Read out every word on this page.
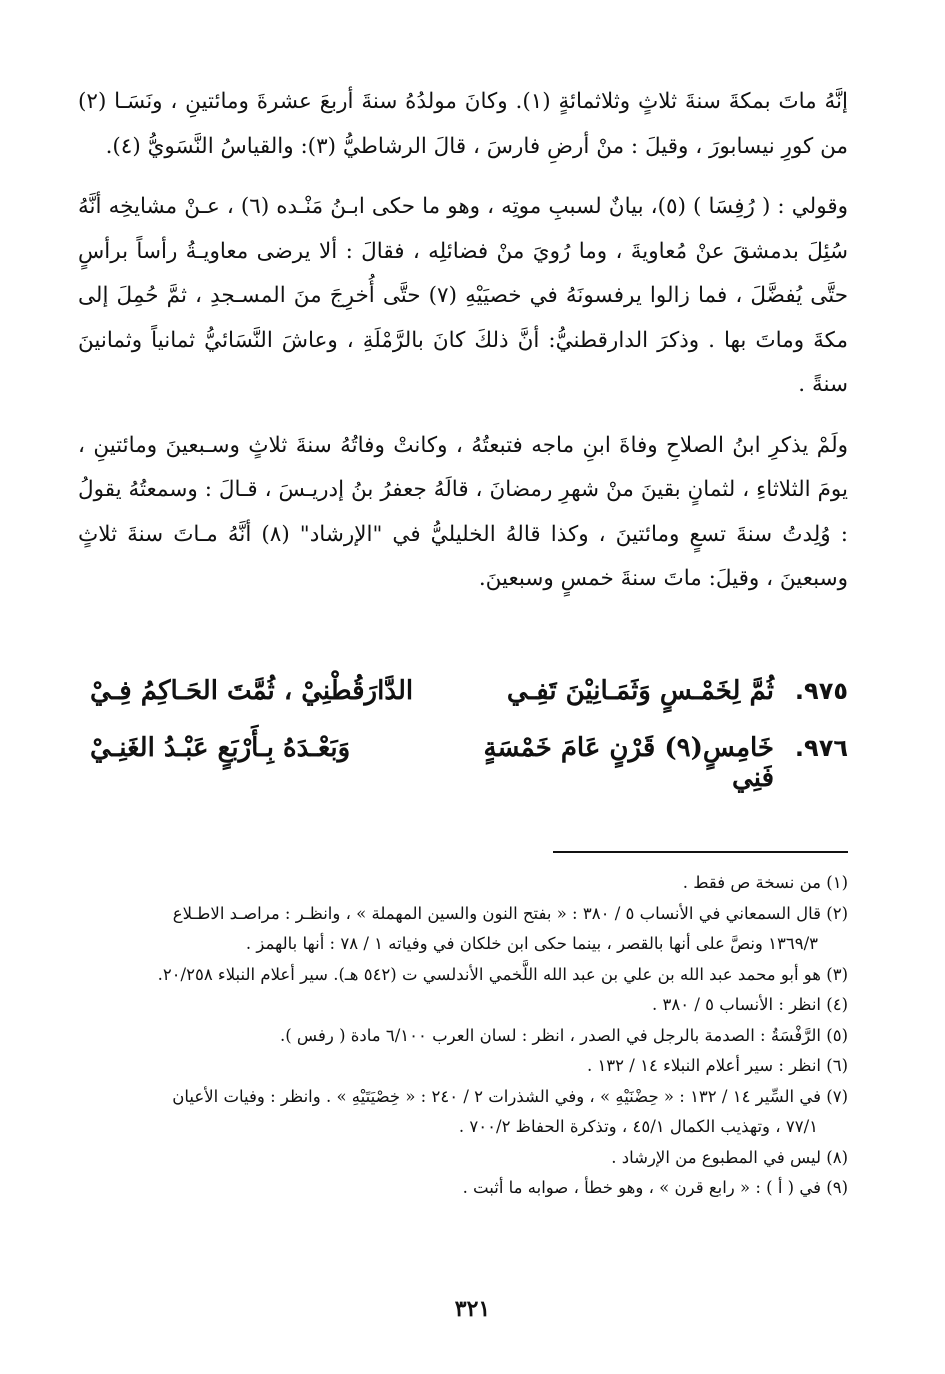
إنَّهُ ماتَ بمكةَ سنةَ ثلاثٍ وثلاثمائةٍ (١). وكانَ مولدُهُ سنةَ أربعَ عشرةَ ومائتينِ ، ونَسَـا (٢) من كورِ نيسابورَ ، وقيلَ : منْ أرضِ فارسَ ، قالَ الرشاطيُّ (٣): والقياسُ النَّسَويُّ (٤).

وقولي : ( رُفِسَا ) (٥)، بيانٌ لسببِ موتِه ، وهو ما حكى ابـنُ مَنْـده (٦) ، عـنْ مشايخِه أنَّهُ سُئِلَ بدمشقَ عنْ مُعاويةَ ، وما رُويَ منْ فضائلِه ، فقالَ : ألا يرضى معاويـةُ رأساً برأسٍ حتَّى يُفضَّلَ ، فما زالوا يرفسونَهُ في خصيَيْهِ (٧) حتَّى أُخرِجَ منَ المسـجدِ ، ثمَّ حُمِلَ إلى مكةَ وماتَ بها . وذكرَ الدارقطنيُّ: أنَّ ذلكَ كانَ بالرَّمْلَةِ ، وعاشَ النَّسَائيُّ ثمانياً وثمانينَ سنةً .

ولَمْ يذكرِ ابنُ الصلاحِ وفاةَ ابنِ ماجه فتبعتُهُ ، وكانتْ وفاتُهُ سنةَ ثلاثٍ وسـبعينَ ومائتينِ ، يومَ الثلاثاءِ ، لثمانٍ بقينَ منْ شهرِ رمضانَ ، قالَهُ جعفرُ بنُ إدريـسَ ، قـالَ : وسمعتُهُ يقولُ : وُلِدتُ سنةَ تسعٍ ومائتينَ ، وكذا قالهُ الخليليُّ في "الإرشاد" (٨) أنَّهُ مـاتَ سنةَ ثلاثٍ وسبعينَ ، وقيلَ: ماتَ سنةَ خمسٍ وسبعينَ.

٩٧٥.
ثُمَّ لِخَمْـسٍ وَثَمَـانِيْنَ تَفِـي
الدَّارَقُطْنِيْ ، ثُمَّتَ الحَـاكِمُ فِـيْ
٩٧٦.
خَامِسٍ(٩) قَرْنٍ عَامَ خَمْسَةٍ فَنِي
وَبَعْـدَهُ بِـأَرْبَعٍ عَبْـدُ الغَنِـيْ

(١) من نسخة ص فقط .

(٢) قال السمعاني في الأنساب ٥ / ٣٨٠ : « بفتح النون والسين المهملة » ، وانظـر : مراصـد الاطـلاع
١٣٦٩/٣ ونصَّ على أنها بالقصر ، بينما حكى ابن خلكان في وفياته ١ / ٧٨ : أنها بالهمز .

(٣) هو أبو محمد عبد الله بن علي بن عبد الله اللَّخمي الأندلسي ت (٥٤٢ هـ). سير أعلام النبلاء ٢٠/٢٥٨.

(٤) انظر : الأنساب ٥ / ٣٨٠ .

(٥) الرَّفْسَةُ : الصدمة بالرجل في الصدر ، انظر : لسان العرب ٦/١٠٠ مادة ( رفس ).

(٦) انظر : سير أعلام النبلاء ١٤ / ١٣٢ .

(٧) في السِّير ١٤ / ١٣٢ : « حِضْنَيْهِ » ، وفي الشذرات ٢ / ٢٤٠ : « خِصْيَتَيْهِ » . وانظر : وفيات الأعيان
٧٧/١ ، وتهذيب الكمال ٤٥/١ ، وتذكرة الحفاظ ٧٠٠/٢ .

(٨) ليس في المطبوع من الإرشاد .

(٩) في ( أ ) : « رابع قرن » ، وهو خطأ ، صوابه ما أثبت .

٣٢١
